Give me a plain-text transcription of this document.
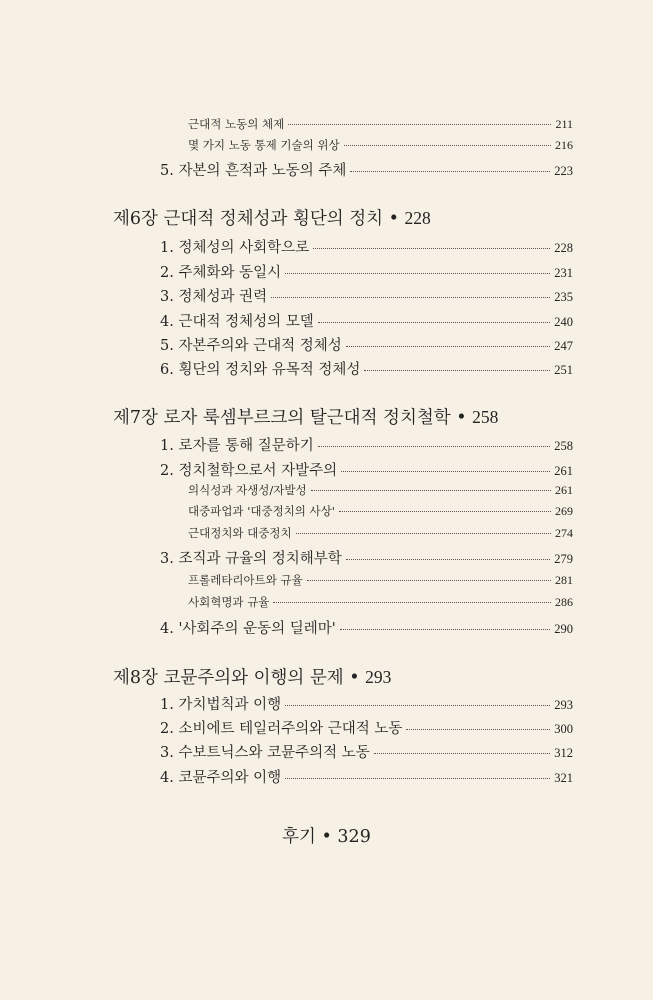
근대적 노동의 체제	211
몇 가지 노동 통제 기술의 위상	216
5. 자본의 흔적과 노동의 주체	223
제6장 근대적 정체성과 횡단의 정치 • 228
1. 정체성의 사회학으로	228
2. 주체화와 동일시	231
3. 정체성과 권력	235
4. 근대적 정체성의 모델	240
5. 자본주의와 근대적 정체성	247
6. 횡단의 정치와 유목적 정체성	251
제7장 로자 룩셈부르크의 탈근대적 정치철학 • 258
1. 로자를 통해 질문하기	258
2. 정치철학으로서 자발주의	261
의식성과 자생성/자발성	261
대중파업과 '대중정치의 사상'	269
근대정치와 대중정치	274
3. 조직과 규율의 정치해부학	279
프롤레타리아트와 규율	281
사회혁명과 규율	286
4. '사회주의 운동의 딜레마'	290
제8장 코뮨주의와 이행의 문제 • 293
1. 가치법칙과 이행	293
2. 소비에트 테일러주의와 근대적 노동	300
3. 수보트닉스와 코뮨주의적 노동	312
4. 코뮨주의와 이행	321
후기 • 329
